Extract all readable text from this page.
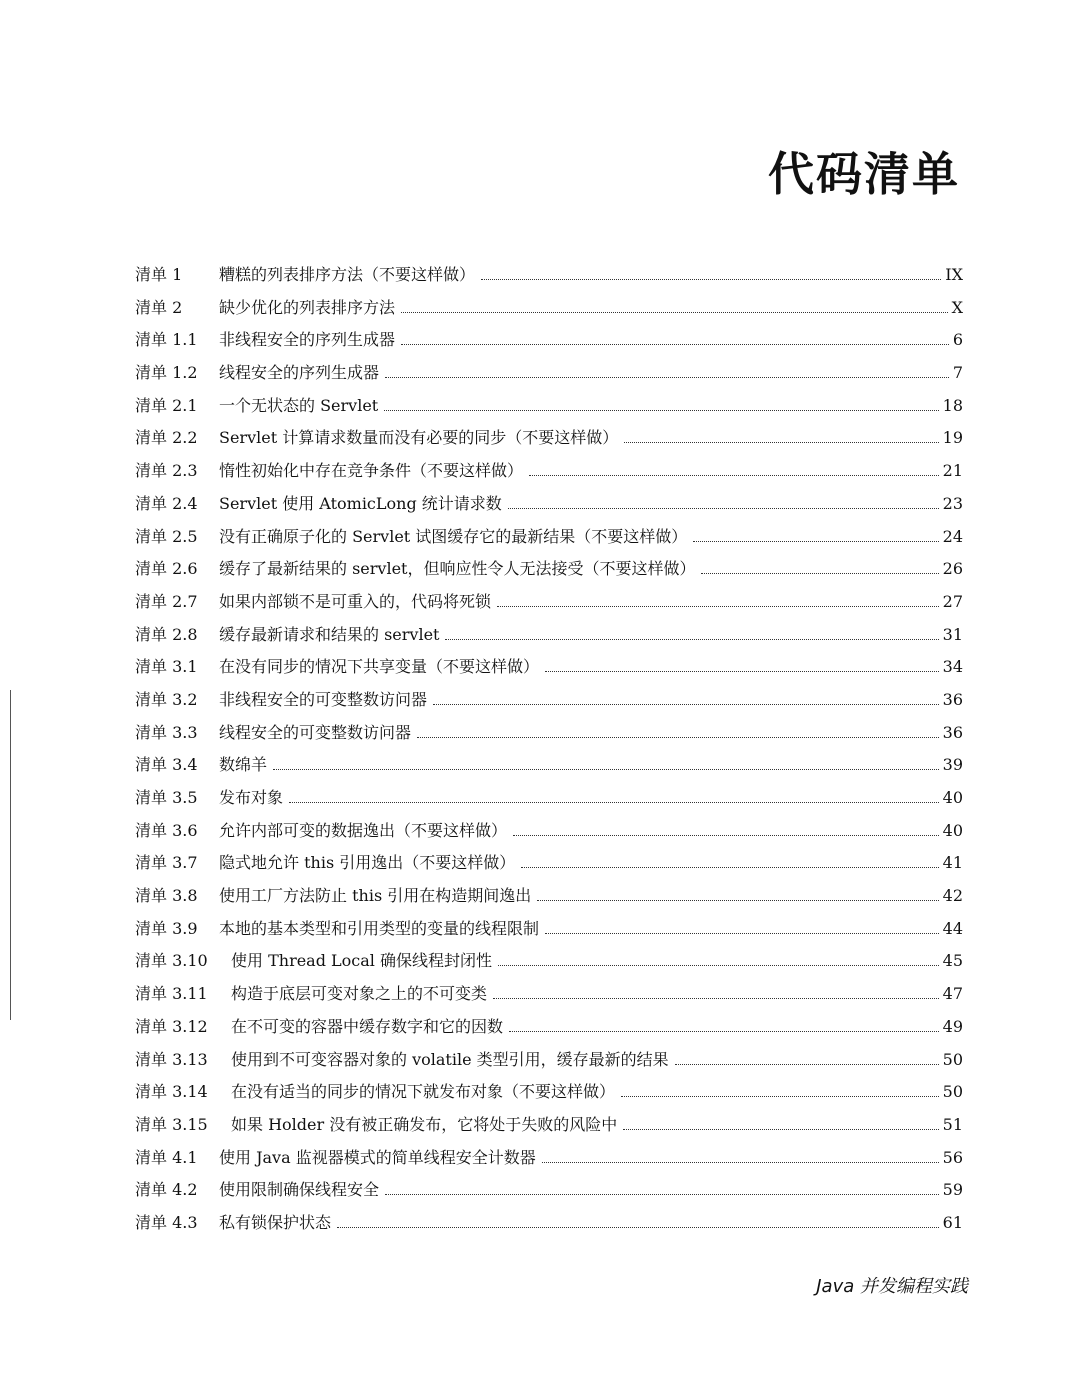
代码清单
清单 1	糟糕的列表排序方法（不要这样做）	IX
清单 2	缺少优化的列表排序方法	X
清单 1.1	非线程安全的序列生成器	6
清单 1.2	线程安全的序列生成器	7
清单 2.1	一个无状态的 Servlet	18
清单 2.2	Servlet 计算请求数量而没有必要的同步（不要这样做）	19
清单 2.3	惰性初始化中存在竞争条件（不要这样做）	21
清单 2.4	Servlet 使用 AtomicLong 统计请求数	23
清单 2.5	没有正确原子化的 Servlet 试图缓存它的最新结果（不要这样做）	24
清单 2.6	缓存了最新结果的 servlet，但响应性令人无法接受（不要这样做）	26
清单 2.7	如果内部锁不是可重入的，代码将死锁	27
清单 2.8	缓存最新请求和结果的 servlet	31
清单 3.1	在没有同步的情况下共享变量（不要这样做）	34
清单 3.2	非线程安全的可变整数访问器	36
清单 3.3	线程安全的可变整数访问器	36
清单 3.4	数绵羊	39
清单 3.5	发布对象	40
清单 3.6	允许内部可变的数据逸出（不要这样做）	40
清单 3.7	隐式地允许 this 引用逸出（不要这样做）	41
清单 3.8	使用工厂方法防止 this 引用在构造期间逸出	42
清单 3.9	本地的基本类型和引用类型的变量的线程限制	44
清单 3.10	使用 Thread Local 确保线程封闭性	45
清单 3.11	构造于底层可变对象之上的不可变类	47
清单 3.12	在不可变的容器中缓存数字和它的因数	49
清单 3.13	使用到不可变容器对象的 volatile 类型引用，缓存最新的结果	50
清单 3.14	在没有适当的同步的情况下就发布对象（不要这样做）	50
清单 3.15	如果 Holder 没有被正确发布，它将处于失败的风险中	51
清单 4.1	使用 Java 监视器模式的简单线程安全计数器	56
清单 4.2	使用限制确保线程安全	59
清单 4.3	私有锁保护状态	61
Java 并发编程实践
